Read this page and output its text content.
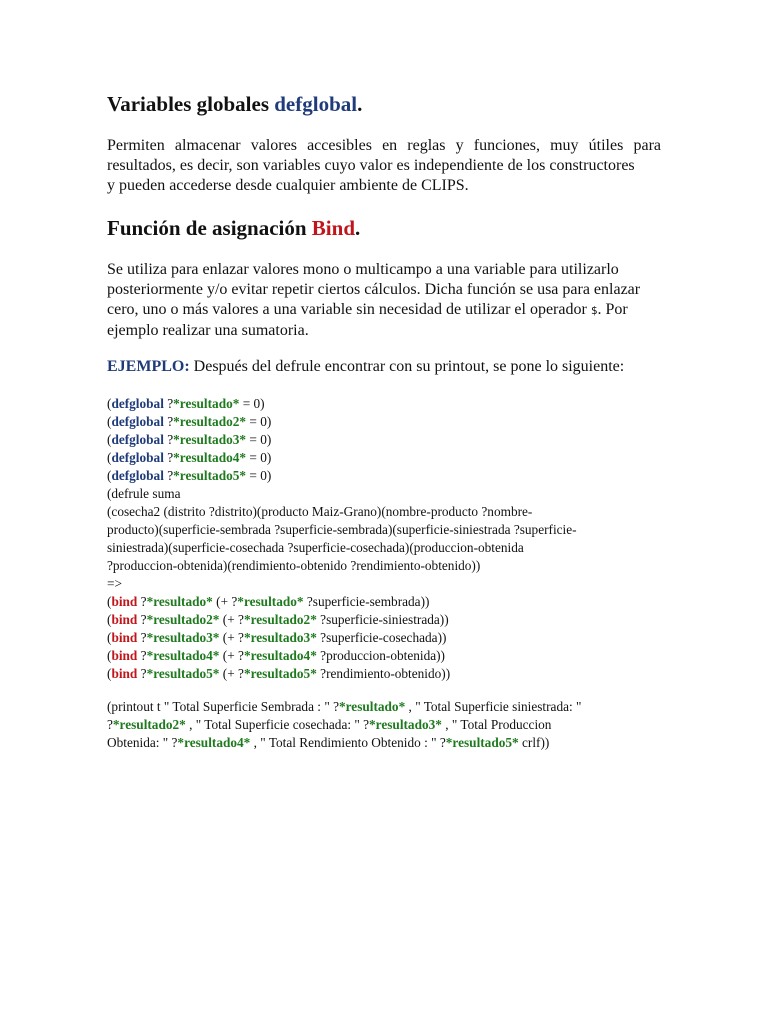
Variables globales defglobal.
Permiten almacenar valores accesibles en reglas y funciones, muy útiles para
resultados, es decir, son variables cuyo valor es independiente de los constructores
y pueden accederse desde cualquier ambiente de CLIPS.
Función de asignación Bind.
Se utiliza para enlazar valores mono o multicampo a una variable para utilizarlo
posteriormente y/o evitar repetir ciertos cálculos. Dicha función se usa para enlazar
cero, uno o más valores a una variable sin necesidad de utilizar el operador $. Por
ejemplo realizar una sumatoria.
EJEMPLO: Después del defrule encontrar con su printout, se pone lo siguiente:
(defglobal ?*resultado* = 0)
(defglobal ?*resultado2* = 0)
(defglobal ?*resultado3* = 0)
(defglobal ?*resultado4* = 0)
(defglobal ?*resultado5* = 0)
(defrule suma
(cosecha2 (distrito ?distrito)(producto Maiz-Grano)(nombre-producto ?nombre-
producto)(superficie-sembrada ?superficie-sembrada)(superficie-siniestrada ?superficie-
siniestrada)(superficie-cosechada ?superficie-cosechada)(produccion-obtenida
?produccion-obtenida)(rendimiento-obtenido ?rendimiento-obtenido))
=>
(bind ?*resultado* (+ ?*resultado* ?superficie-sembrada))
(bind ?*resultado2* (+ ?*resultado2* ?superficie-siniestrada))
(bind ?*resultado3* (+ ?*resultado3* ?superficie-cosechada))
(bind ?*resultado4* (+ ?*resultado4* ?produccion-obtenida))
(bind ?*resultado5* (+ ?*resultado5* ?rendimiento-obtenido))
(printout t " Total Superficie Sembrada : " ?*resultado* , " Total Superficie siniestrada: "
?*resultado2* , " Total Superficie cosechada: " ?*resultado3* , " Total Produccion
Obtenida: " ?*resultado4* , " Total Rendimiento Obtenido : " ?*resultado5* crlf))
